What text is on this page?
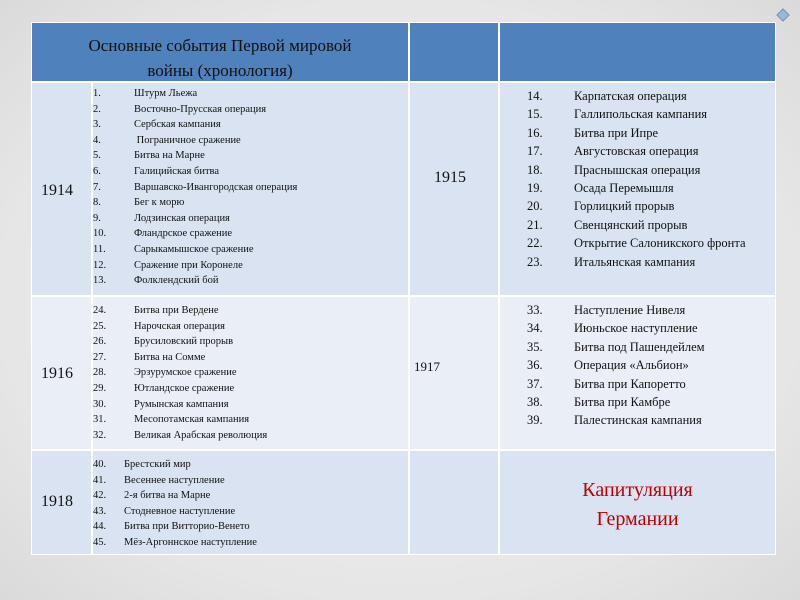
Основные события Первой мировой
войны (хронология)
1914
1.	Штурм Льежа
2.	Восточно-Прусская операция
3.	Сербская кампания
4.	Пограничное сражение
5.	Битва на Марне
6.	Галицийская битва
7.	Варшавско-Ивангородская операция
8.	Бег к морю
9.	Лодзинская операция
10.	Фландрское сражение
11.	Сарыкамышское сражение
12.	Сражение при Коронеле
13.	Фолклендский бой
1915
14.	Карпатская операция
15.	Галлипольская кампания
16.	Битва при Ипре
17.	Августовская операция
18.	Праснышская операция
19.	Осада Перемышля
20.	Горлицкий прорыв
21.	Свенцянский прорыв
22.	Открытие Салоникского фронта
23.	Итальянская кампания
1916
24.	Битва при Вердене
25.	Нарочская операция
26.	Брусиловский прорыв
27.	Битва на Сомме
28.	Эрзурумское сражение
29.	Ютландское сражение
30.	Румынская кампания
31.	Месопотамская кампания
32.	Великая Арабская революция
1917
33.	Наступление Нивеля
34.	Июньское наступление
35.	Битва под Пашендейлем
36.	Операция «Альбион»
37.	Битва при Капоретто
38.	Битва при Камбре
39.	Палестинская кампания
1918
40. Брестский мир
41. Весеннее наступление
42. 2-я битва на Марне
43. Стодневное наступление
44. Битва при Витторио-Венето
45. Мёз-Аргоннское наступление
Капитуляция
Германии
